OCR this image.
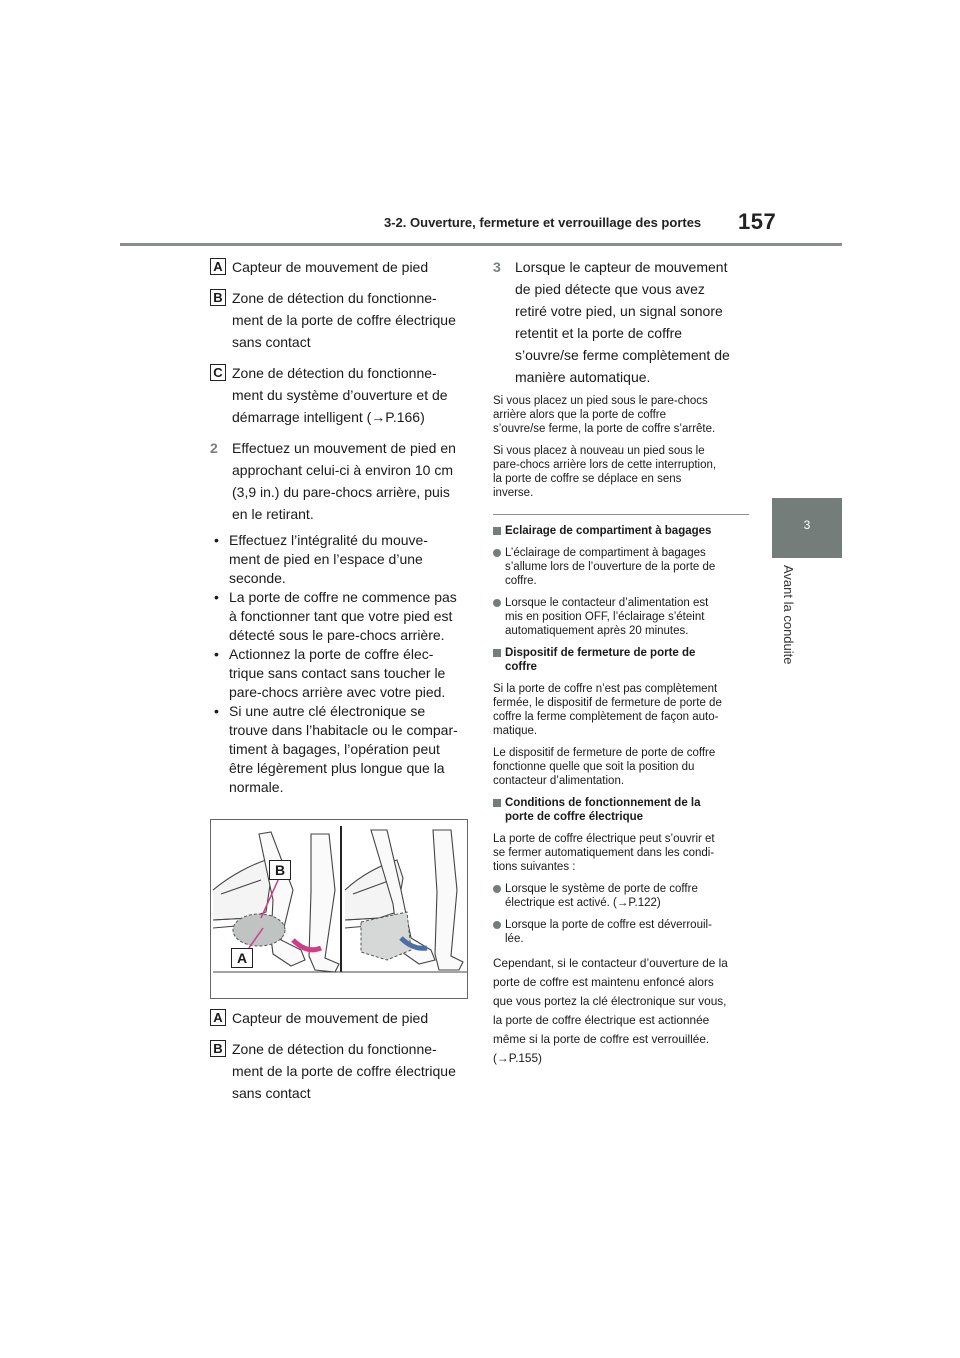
3-2. Ouverture, fermeture et verrouillage des portes 157
3
Avant la conduite
A Capteur de mouvement de pied
B Zone de détection du fonctionne-
ment de la porte de coffre électrique
sans contact
C Zone de détection du fonctionne-
ment du système d’ouverture et de
démarrage intelligent (→P.166)
2 Effectuez un mouvement de pied en
approchant celui-ci à environ 10 cm
(3,9 in.) du pare-chocs arrière, puis
en le retirant.
• Effectuez l’intégralité du mouve-
ment de pied en l’espace d’une
seconde.
• La porte de coffre ne commence pas
à fonctionner tant que votre pied est
détecté sous le pare-chocs arrière.
• Actionnez la porte de coffre élec-
trique sans contact sans toucher le
pare-chocs arrière avec votre pied.
• Si une autre clé électronique se
trouve dans l’habitacle ou le compar-
timent à bagages, l’opération peut
être légèrement plus longue que la
normale.
B
A
A Capteur de mouvement de pied
B Zone de détection du fonctionne-
ment de la porte de coffre électrique
sans contact
3 Lorsque le capteur de mouvement
de pied détecte que vous avez
retiré votre pied, un signal sonore
retentit et la porte de coffre
s’ouvre/se ferme complètement de
manière automatique.
Si vous placez un pied sous le pare-chocs
arrière alors que la porte de coffre
s’ouvre/se ferme, la porte de coffre s’arrête.
Si vous placez à nouveau un pied sous le
pare-chocs arrière lors de cette interruption,
la porte de coffre se déplace en sens
inverse.
Eclairage de compartiment à bagages
L’éclairage de compartiment à bagages
s’allume lors de l’ouverture de la porte de
coffre.
Lorsque le contacteur d’alimentation est
mis en position OFF, l’éclairage s’éteint
automatiquement après 20 minutes.
Dispositif de fermeture de porte de
coffre
Si la porte de coffre n’est pas complètement
fermée, le dispositif de fermeture de porte de
coffre la ferme complètement de façon auto-
matique.
Le dispositif de fermeture de porte de coffre
fonctionne quelle que soit la position du
contacteur d’alimentation.
Conditions de fonctionnement de la
porte de coffre électrique
La porte de coffre électrique peut s’ouvrir et
se fermer automatiquement dans les condi-
tions suivantes :
Lorsque le système de porte de coffre
électrique est activé. (→P.122)
Lorsque la porte de coffre est déverrouil-
lée.
Cependant, si le contacteur d’ouverture de la
porte de coffre est maintenu enfoncé alors
que vous portez la clé électronique sur vous,
la porte de coffre électrique est actionnée
même si la porte de coffre est verrouillée.
(→P.155)
